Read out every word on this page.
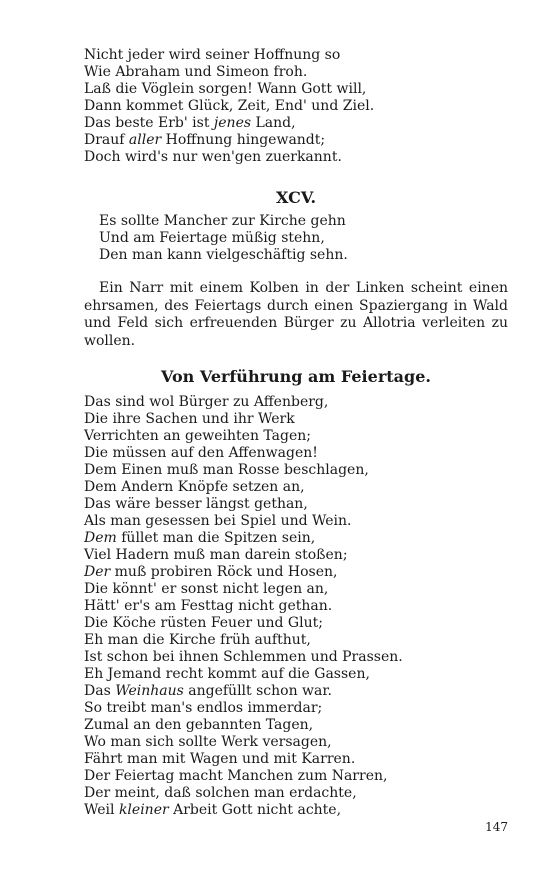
Nicht jeder wird seiner Hoffnung so
Wie Abraham und Simeon froh.
Laß die Vöglein sorgen! Wann Gott will,
Dann kommet Glück, Zeit, End' und Ziel.
Das beste Erb' ist jenes Land,
Drauf aller Hoffnung hingewandt;
Doch wird's nur wen'gen zuerkannt.
XCV.
Es sollte Mancher zur Kirche gehn
Und am Feiertage müßig stehn,
Den man kann vielgeschäftig sehn.

Ein Narr mit einem Kolben in der Linken scheint einen ehrsamen, des Feiertags durch einen Spaziergang in Wald und Feld sich erfreuenden Bürger zu Allotria verleiten zu wollen.

Von Verführung am Feiertage.
Das sind wol Bürger zu Affenberg,
Die ihre Sachen und ihr Werk
Verrichten an geweihten Tagen;
Die müssen auf den Affenwagen!
Dem Einen muß man Rosse beschlagen,
Dem Andern Knöpfe setzen an,
Das wäre besser längst gethan,
Als man gesessen bei Spiel und Wein.
Dem füllet man die Spitzen sein,
Viel Hadern muß man darein stoßen;
Der muß probiren Röck und Hosen,
Die könnt' er sonst nicht legen an,
Hätt' er's am Festtag nicht gethan.
Die Köche rüsten Feuer und Glut;
Eh man die Kirche früh aufthut,
Ist schon bei ihnen Schlemmen und Prassen.
Eh Jemand recht kommt auf die Gassen,
Das Weinhaus angefüllt schon war.
So treibt man's endlos immerdar;
Zumal an den gebannten Tagen,
Wo man sich sollte Werk versagen,
Fährt man mit Wagen und mit Karren.
Der Feiertag macht Manchen zum Narren,
Der meint, daß solchen man erdachte,
Weil kleiner Arbeit Gott nicht achte,
147
